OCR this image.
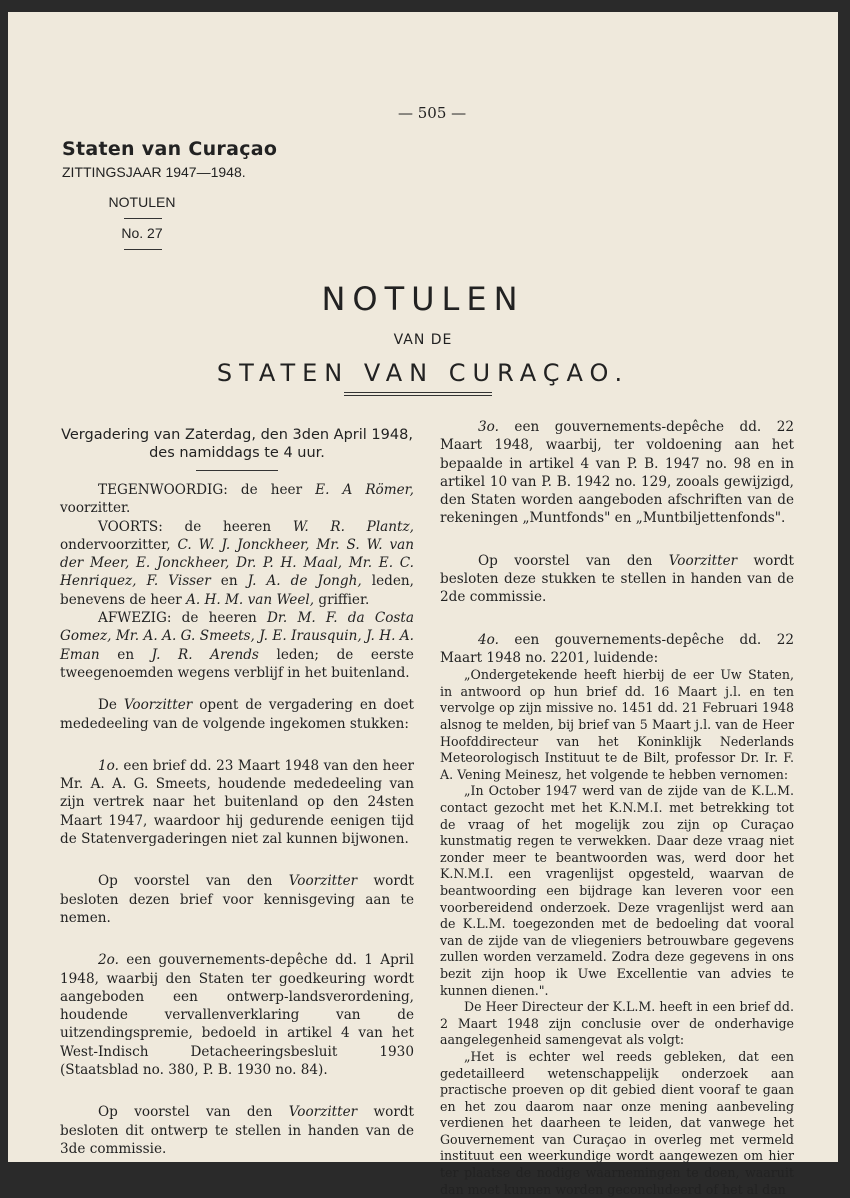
— 505 —
Staten van Curaçao
ZITTINGSJAAR 1947—1948.
NOTULEN
No. 27
NOTULEN
VAN DE
STATEN VAN CURAÇAO.
Vergadering van Zaterdag, den 3den April 1948, des namiddags te 4 uur.

TEGENWOORDIG: de heer E. A Römer, voorzitter.

VOORTS: de heeren W. R. Plantz, ondervoorzitter, C. W. J. Jonckheer, Mr. S. W. van der Meer, E. Jonckheer, Dr. P. H. Maal, Mr. E. C. Henriquez, F. Visser en J. A. de Jongh, leden, benevens de heer A. H. M. van Weel, griffier.

AFWEZIG: de heeren Dr. M. F. da Costa Gomez, Mr. A. A. G. Smeets, J. E. Irausquin, J. H. A. Eman en J. R. Arends leden; de eerste tweegenoemden wegens verblijf in het buitenland.

De Voorzitter opent de vergadering en doet mededeeling van de volgende ingekomen stukken:

1o. een brief dd. 23 Maart 1948 van den heer Mr. A. A. G. Smeets, houdende mededeeling van zijn vertrek naar het buitenland op den 24sten Maart 1947, waardoor hij gedurende eenigen tijd de Statenvergaderingen niet zal kunnen bijwonen.

Op voorstel van den Voorzitter wordt besloten dezen brief voor kennisgeving aan te nemen.

2o. een gouvernements-depêche dd. 1 April 1948, waarbij den Staten ter goedkeuring wordt aangeboden een ontwerp-landsverordening, houdende vervallenverklaring van de uitzendingspremie, bedoeld in artikel 4 van het West-Indisch Detacheeringsbesluit 1930 (Staatsblad no. 380, P. B. 1930 no. 84).

Op voorstel van den Voorzitter wordt besloten dit ontwerp te stellen in handen van de 3de commissie.

3o. een gouvernements-depêche dd. 22 Maart 1948, waarbij, ter voldoening aan het bepaalde in artikel 4 van P. B. 1947 no. 98 en in artikel 10 van P. B. 1942 no. 129, zooals gewijzigd, den Staten worden aangeboden afschriften van de rekeningen „Muntfonds" en „Muntbiljettenfonds".

Op voorstel van den Voorzitter wordt besloten deze stukken te stellen in handen van de 2de commissie.

4o. een gouvernements-depêche dd. 22 Maart 1948 no. 2201, luidende:

„Ondergetekende heeft hierbij de eer Uw Staten, in antwoord op hun brief dd. 16 Maart j.l. en ten vervolge op zijn missive no. 1451 dd. 21 Februari 1948 alsnog te melden, bij brief van 5 Maart j.l. van de Heer Hoofddirecteur van het Koninklijk Nederlands Meteorologisch Instituut te de Bilt, professor Dr. Ir. F. A. Vening Meinesz, het volgende te hebben vernomen:

„In October 1947 werd van de zijde van de K.L.M. contact gezocht met het K.N.M.I. met betrekking tot de vraag of het mogelijk zou zijn op Curaçao kunstmatig regen te verwekken. Daar deze vraag niet zonder meer te beantwoorden was, werd door het K.N.M.I. een vragenlijst opgesteld, waarvan de beantwoording een bijdrage kan leveren voor een voorbereidend onderzoek. Deze vragenlijst werd aan de K.L.M. toegezonden met de bedoeling dat vooral van de zijde van de vliegeniers betrouwbare gegevens zullen worden verzameld. Zodra deze gegevens in ons bezit zijn hoop ik Uwe Excellentie van advies te kunnen dienen.".

De Heer Directeur der K.L.M. heeft in een brief dd. 2 Maart 1948 zijn conclusie over de onderhavige aangelegenheid samengevat als volgt:

„Het is echter wel reeds gebleken, dat een gedetailleerd wetenschappelijk onderzoek aan practische proeven op dit gebied dient vooraf te gaan en het zou daarom naar onze mening aanbeveling verdienen het daarheen te leiden, dat vanwege het Gouvernement van Curaçao in overleg met vermeld instituut een weerkundige wordt aangewezen om hier ter plaatse de nodige waarnemingen te doen, waaruit dan moet kunnen worden geconcludeerd of het al dan
